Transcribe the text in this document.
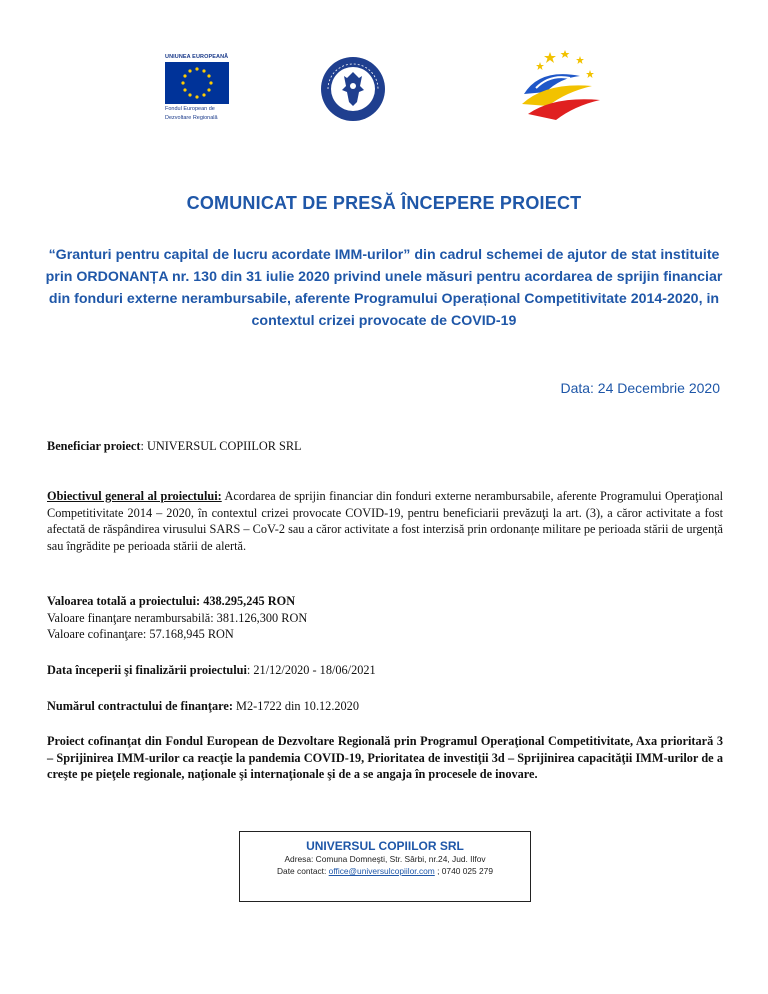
UNIUNEA EUROPEANĂ
Fondul European de
Dezvoltare Regională
COMUNICAT DE PRESĂ ÎNCEPERE PROIECT
“Granturi pentru capital de lucru acordate IMM-urilor” din cadrul schemei de ajutor de stat instituite prin ORDONANȚA nr. 130 din 31 iulie 2020 privind unele măsuri pentru acordarea de sprijin financiar din fonduri externe nerambursabile, aferente Programului Operațional Competitivitate 2014-2020, in contextul crizei provocate de COVID-19
Data: 24 Decembrie 2020
Beneficiar proiect: UNIVERSUL COPIILOR SRL
Obiectivul general al proiectului: Acordarea de sprijin financiar din fonduri externe nerambursabile, aferente Programului Operaţional Competitivitate 2014 – 2020, în contextul crizei provocate COVID-19, pentru beneficiarii prevăzuţi la art. (3), a căror activitate a fost afectată de răspândirea virusului SARS – CoV-2 sau a căror activitate a fost interzisă prin ordonanțe militare pe perioada stării de urgență sau îngrădite pe perioada stării de alertă.
Valoarea totală a proiectului: 438.295,245 RON
Valoare finanţare nerambursabilă: 381.126,300 RON
Valoare cofinanţare: 57.168,945 RON
Data începerii şi finalizării proiectului: 21/12/2020 - 18/06/2021
Numărul contractului de finanţare: M2-1722 din 10.12.2020
Proiect cofinanţat din Fondul European de Dezvoltare Regională prin Programul Operaţional Competitivitate, Axa prioritară 3 – Sprijinirea IMM-urilor ca reacţie la pandemia COVID-19, Prioritatea de investiţii 3d – Sprijinirea capacităţii IMM-urilor de a creşte pe pieţele regionale, naţionale şi internaţionale şi de a se angaja în procesele de inovare.
UNIVERSUL COPIILOR SRL
Adresa: Comuna Domneşti, Str. Sârbi, nr.24, Jud. Ilfov
Date contact: office@universulcopiilor.com ; 0740 025 279
